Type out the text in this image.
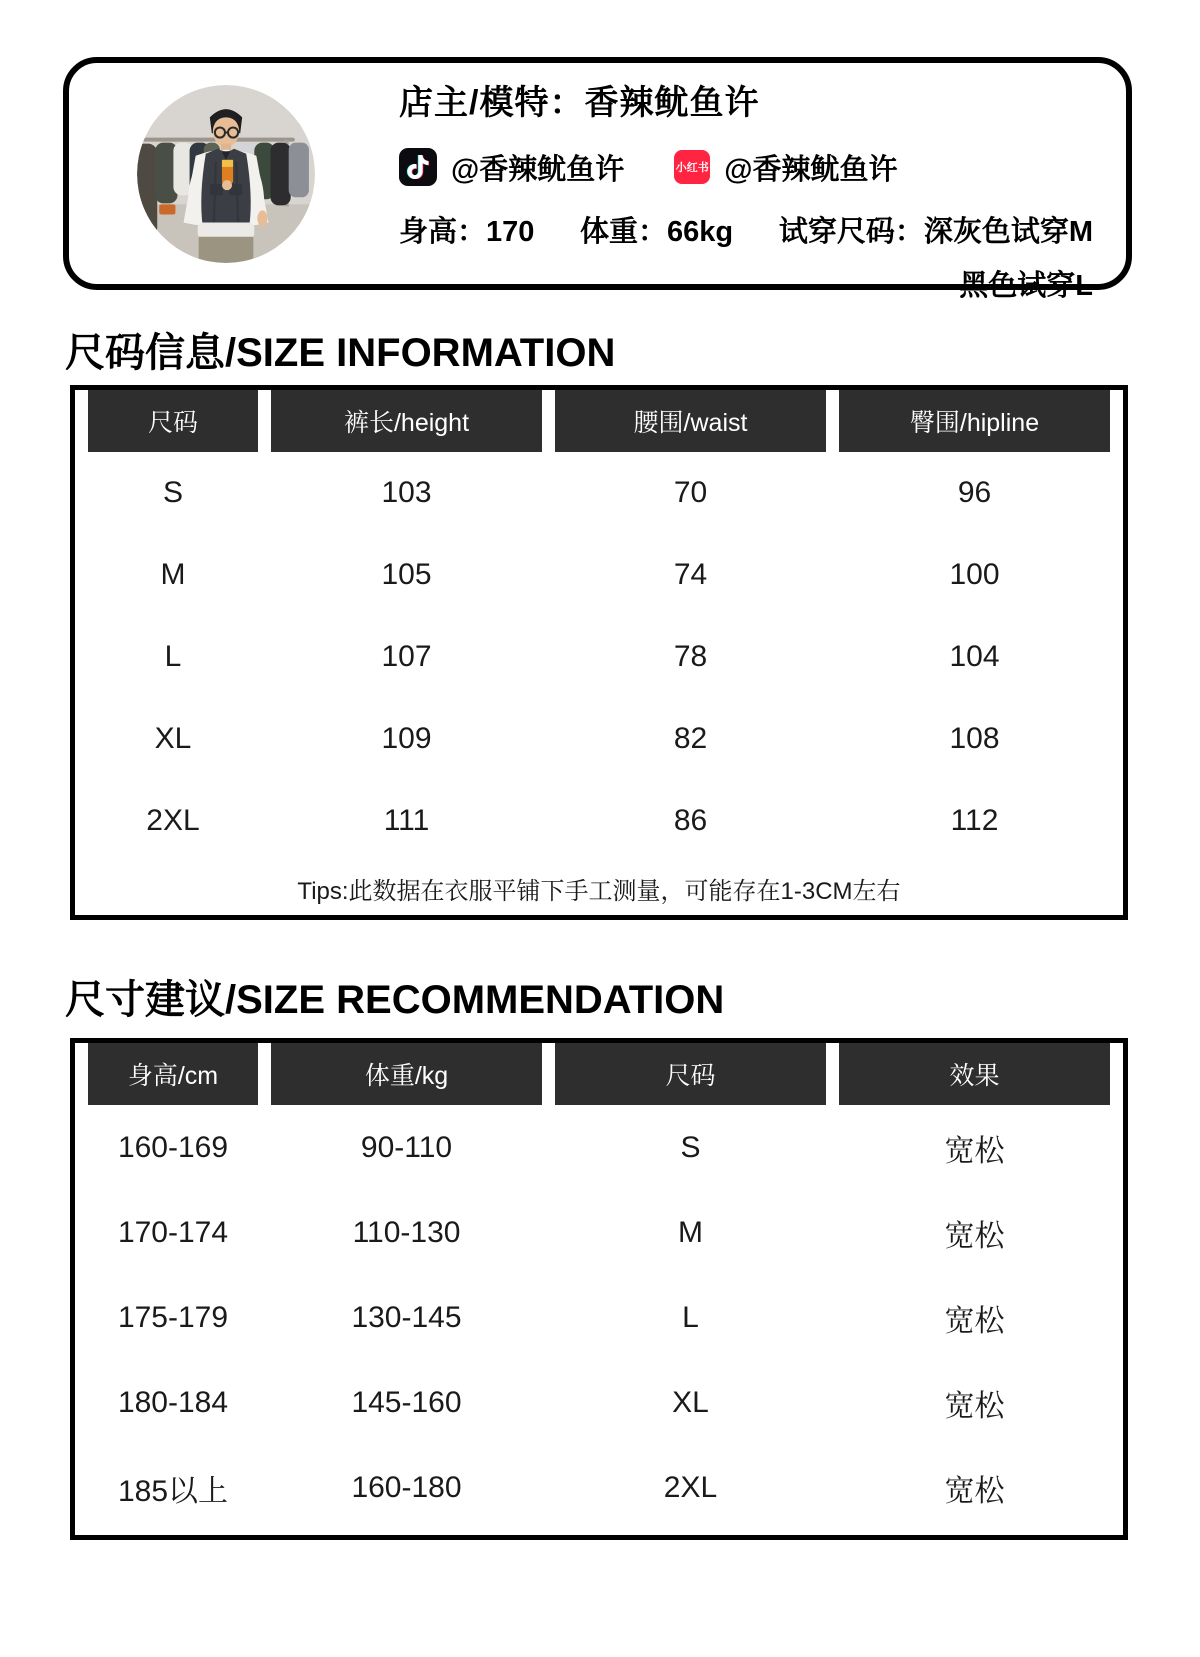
店主/模特：香辣鱿鱼许
@香辣鱿鱼许	小红书 @香辣鱿鱼许
身高：170 体重：66kg 试穿尺码：深灰色试穿M
黑色试穿L
尺码信息/SIZE INFORMATION
尺码	裤长/height	腰围/waist	臀围/hipline
S	103	70	96
M	105	74	100
L	107	78	104
XL	109	82	108
2XL	111	86	112
Tips:此数据在衣服平铺下手工测量，可能存在1-3CM左右
尺寸建议/SIZE RECOMMENDATION
身高/cm	体重/kg	尺码	效果
160-169	90-110	S	宽松
170-174	110-130	M	宽松
175-179	130-145	L	宽松
180-184	145-160	XL	宽松
185以上	160-180	2XL	宽松
